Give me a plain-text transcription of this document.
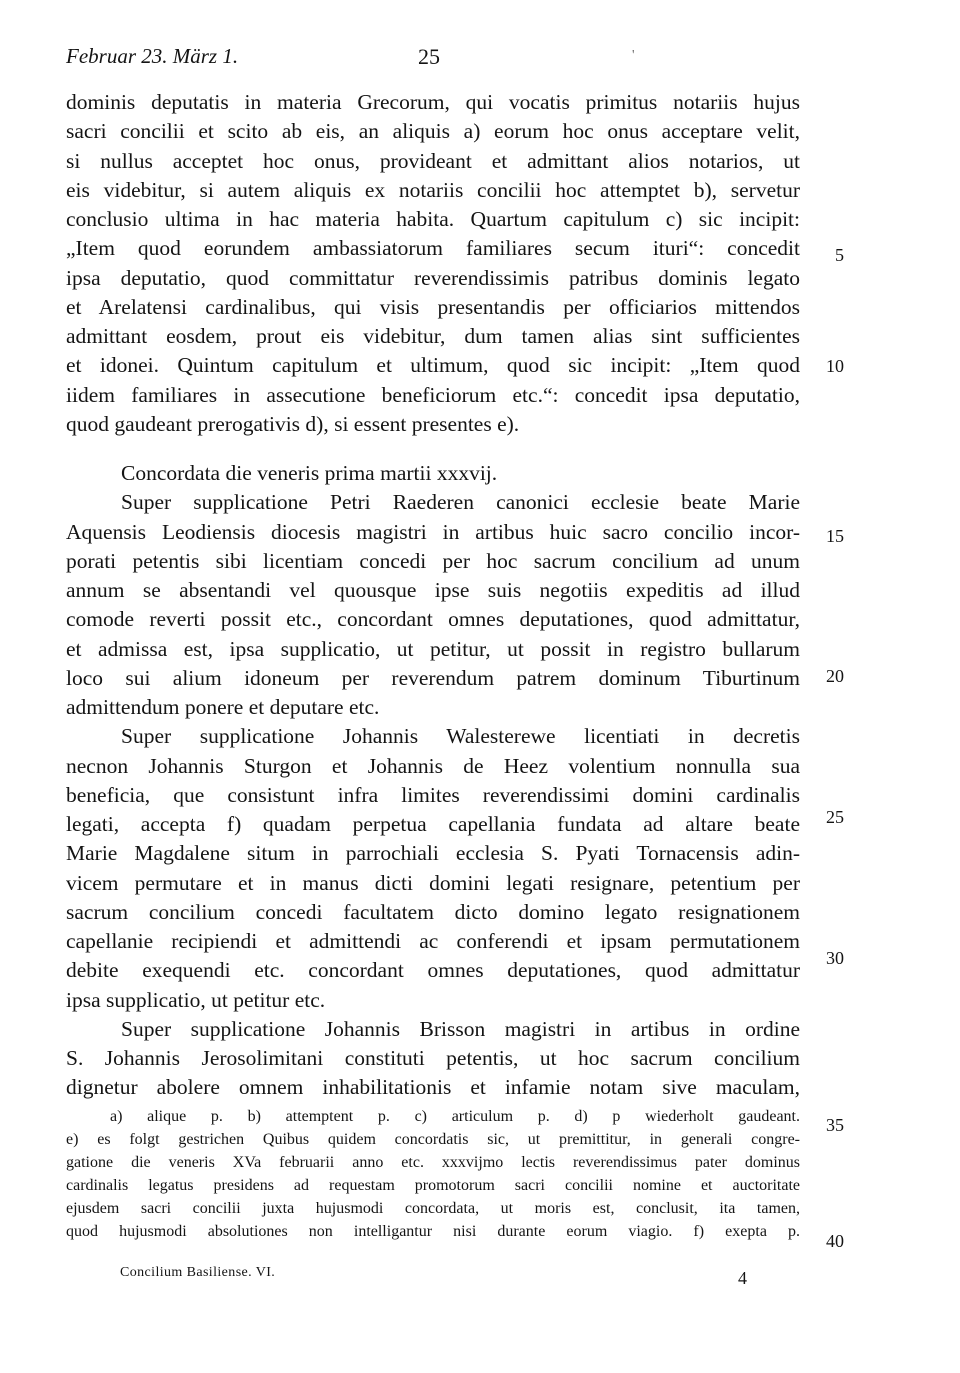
Februar 23. März 1.	25	'
dominis deputatis in materia Grecorum, qui vocatis primitus notariis hujus
sacri concilii et scito ab eis, an aliquis a) eorum hoc onus acceptare velit,
si nullus acceptet hoc onus, provideant et admittant alios notarios, ut
eis videbitur, si autem aliquis ex notariis concilii hoc attemptet b), servetur
conclusio ultima in hac materia habita. Quartum capitulum c) sic incipit:
„Item quod eorundem ambassiatorum familiares secum ituri“: concedit
ipsa deputatio, quod committatur reverendissimis patribus dominis legato
et Arelatensi cardinalibus, qui visis presentandis per officiarios mittendos
admittant eosdem, prout eis videbitur, dum tamen alias sint sufficientes
et idonei. Quintum capitulum et ultimum, quod sic incipit: „Item quod
iidem familiares in assecutione beneficiorum etc.“: concedit ipsa deputatio,
quod gaudeant prerogativis d), si essent presentes e).
Concordata die veneris prima martii xxxvij.
Super supplicatione Petri Raederen canonici ecclesie beate Marie
Aquensis Leodiensis diocesis magistri in artibus huic sacro concilio incor-
porati petentis sibi licentiam concedi per hoc sacrum concilium ad unum
annum se absentandi vel quousque ipse suis negotiis expeditis ad illud
comode reverti possit etc., concordant omnes deputationes, quod admittatur,
et admissa est, ipsa supplicatio, ut petitur, ut possit in registro bullarum
loco sui alium idoneum per reverendum patrem dominum Tiburtinum
admittendum ponere et deputare etc.
Super supplicatione Johannis Walesterewe licentiati in decretis
necnon Johannis Sturgon et Johannis de Heez volentium nonnulla sua
beneficia, que consistunt infra limites reverendissimi domini cardinalis
legati, accepta f) quadam perpetua capellania fundata ad altare beate
Marie Magdalene situm in parrochiali ecclesia S. Pyati Tornacensis adin-
vicem permutare et in manus dicti domini legati resignare, petentium per
sacrum concilium concedi facultatem dicto domino legato resignationem
capellanie recipiendi et admittendi ac conferendi et ipsam permutationem
debite exequendi etc. concordant omnes deputationes, quod admittatur
ipsa supplicatio, ut petitur etc.
Super supplicatione Johannis Brisson magistri in artibus in ordine
S. Johannis Jerosolimitani constituti petentis, ut hoc sacrum concilium
dignetur abolere omnem inhabilitationis et infamie notam sive maculam,
5
10
15
20
25
30
35
40
a) alique p. b) attemptent p. c) articulum p. d) p wiederholt gaudeant.
e) es folgt gestrichen Quibus quidem concordatis sic, ut premittitur, in generali congre-
gatione die veneris XVa februarii anno etc. xxxvijmo lectis reverendissimus pater dominus
cardinalis legatus presidens ad requestam promotorum sacri concilii nomine et auctoritate
ejusdem sacri concilii juxta hujusmodi concordata, ut moris est, conclusit, ita tamen,
quod hujusmodi absolutiones non intelligantur nisi durante eorum viagio. f) exepta p.
Concilium Basiliense. VI.	4
